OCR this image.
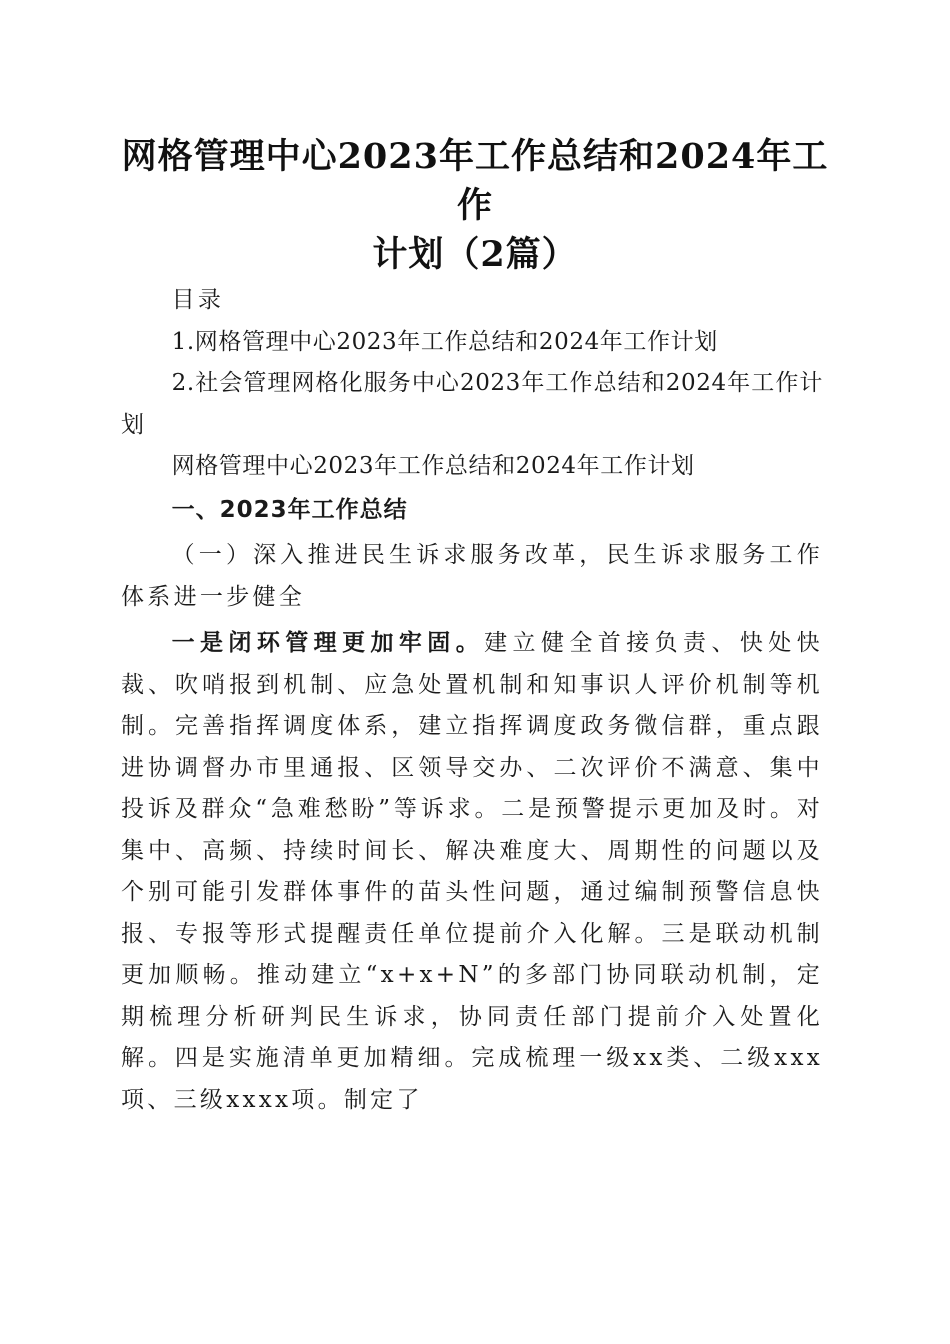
网格管理中心2023年工作总结和2024年工作
计划（2篇）

目录

1.网格管理中心2023年工作总结和2024年工作计划

2.社会管理网格化服务中心2023年工作总结和2024年工作计划

网格管理中心2023年工作总结和2024年工作计划

一、2023年工作总结

（一）深入推进民生诉求服务改革，民生诉求服务工作体系进一步健全

一是闭环管理更加牢固。建立健全首接负责、快处快裁、吹哨报到机制、应急处置机制和知事识人评价机制等机制。完善指挥调度体系，建立指挥调度政务微信群，重点跟进协调督办市里通报、区领导交办、二次评价不满意、集中投诉及群众“急难愁盼”等诉求。二是预警提示更加及时。对集中、高频、持续时间长、解决难度大、周期性的问题以及个别可能引发群体事件的苗头性问题，通过编制预警信息快报、专报等形式提醒责任单位提前介入化解。三是联动机制更加顺畅。推动建立“x+x+N”的多部门协同联动机制，定期梳理分析研判民生诉求，协同责任部门提前介入处置化解。四是实施清单更加精细。完成梳理一级xx类、二级xxx项、三级xxxx项。制定了
